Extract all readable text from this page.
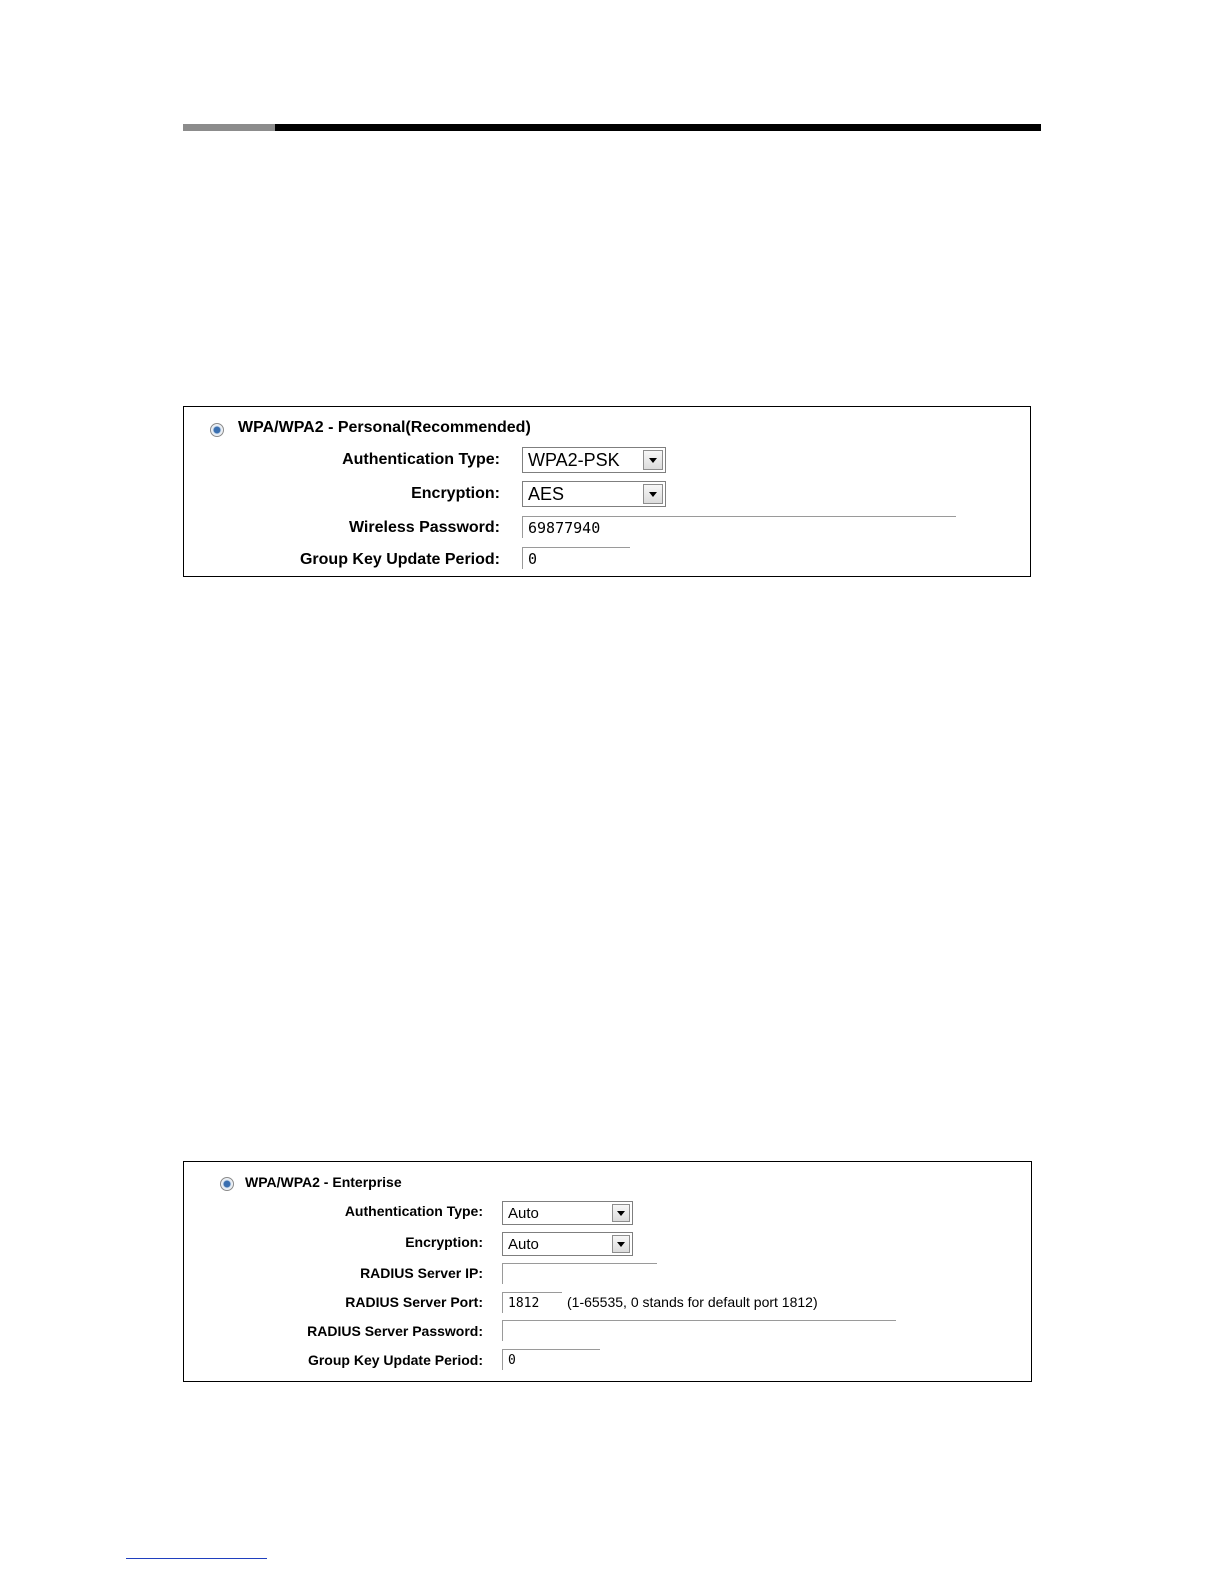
WPA/WPA2 - Personal(Recommended)
Authentication Type: WPA2-PSK
Encryption: AES
Wireless Password:	69877940
Group Key Update Period:	0
WPA/WPA2 - Enterprise
Authentication Type:	Auto
Encryption:	Auto
RADIUS Server IP:
RADIUS Server Port:	1812	(1-65535, 0 stands for default port 1812)
RADIUS Server Password:
Group Key Update Period:	0
